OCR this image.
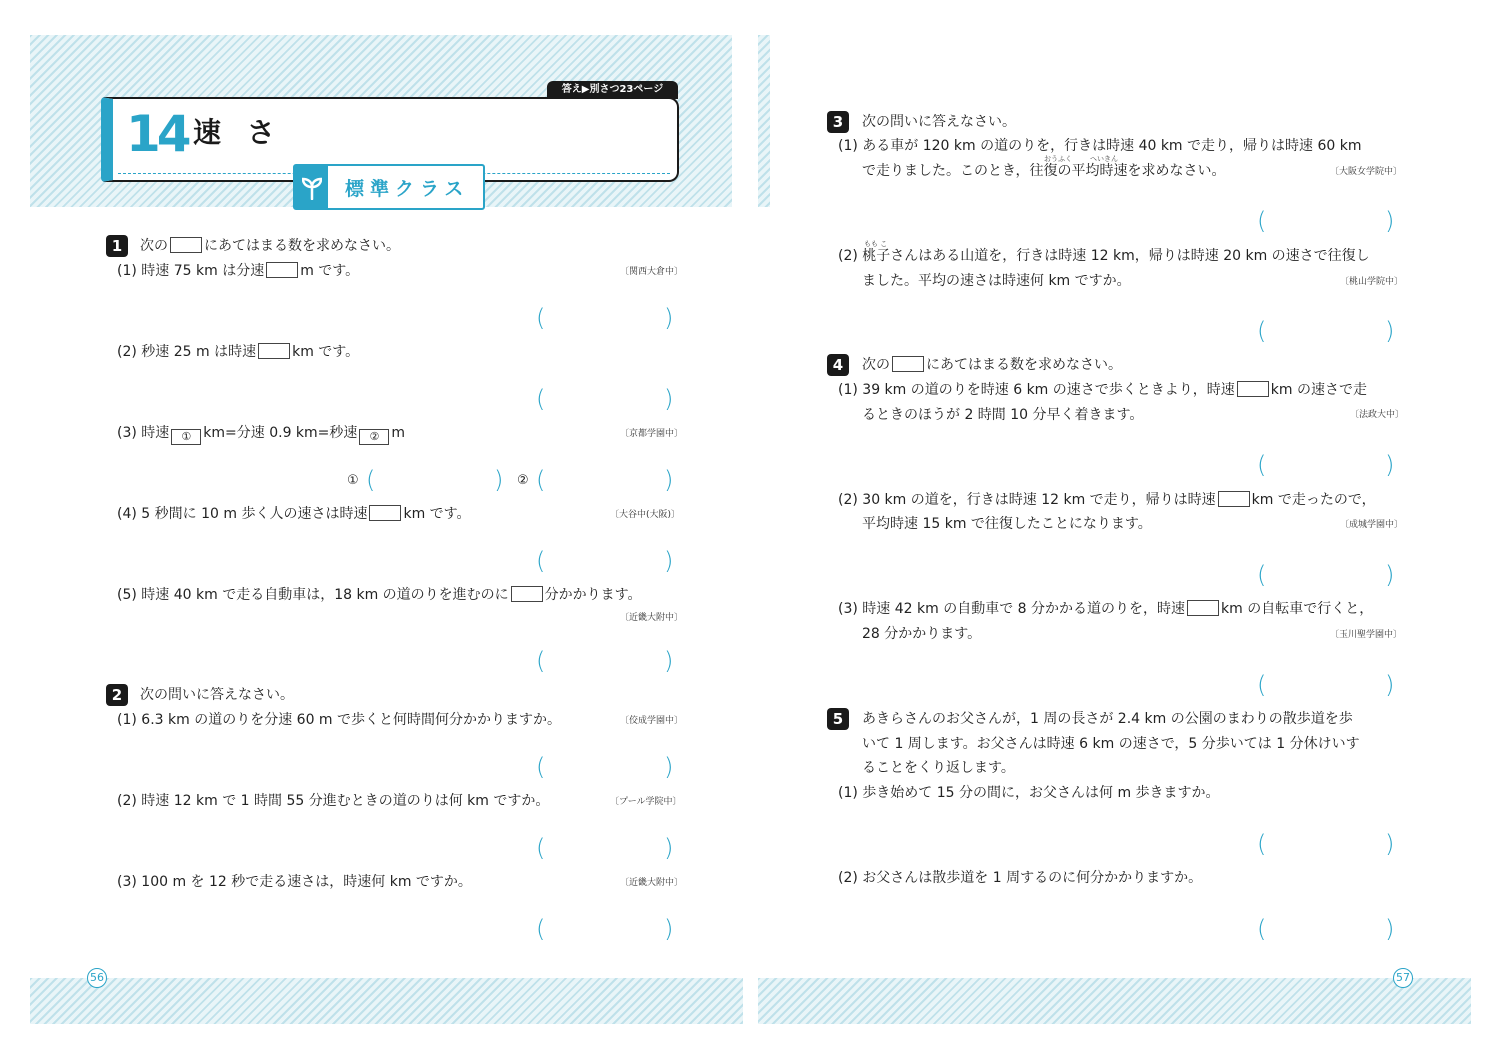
56	57
答え▶別さつ23ページ
14 速さ
標準クラス
1	次の	にあてはまる数を求めなさい。
(1) 時速 75 km は分速	m です。	〔関西大倉中〕
(	)
(2) 秒速 25 m は時速	km です。
(	)
(3) 時速 ① km=分速 0.9 km=秒速 ② m	〔京都学園中〕
① (	) ② (	)
(4) 5 秒間に 10 m 歩く人の速さは時速	km です。	〔大谷中(大阪)〕
(	)
(5) 時速 40 km で走る自動車は，18 km の道のりを進むのに	分かかります。
〔近畿大附中〕
(	)
2	次の問いに答えなさい。
(1) 6.3 km の道のりを分速 60 m で歩くと何時間何分かかりますか。	〔佼成学園中〕
(	)
(2) 時速 12 km で 1 時間 55 分進むときの道のりは何 km ですか。	〔プール学院中〕
(	)
(3) 100 m を 12 秒で走る速さは，時速何 km ですか。	〔近畿大附中〕
(	)
3	次の問いに答えなさい。
(1) ある車が 120 km の道のりを，行きは時速 40 km で走り，帰りは時速 60 km
おうふく	へいきん
で走りました。このとき，往復の平均時速を求めなさい。	〔大阪女学院中〕
(	)
もも こ
(2) 桃子さんはある山道を，行きは時速 12 km，帰りは時速 20 km の速さで往復し
ました。平均の速さは時速何 km ですか。	〔桃山学院中〕
(	)
4	次の	にあてはまる数を求めなさい。
(1) 39 km の道のりを時速 6 km の速さで歩くときより，時速	km の速さで走
るときのほうが 2 時間 10 分早く着きます。	〔法政大中〕
(	)
(2) 30 km の道を，行きは時速 12 km で走り，帰りは時速	km で走ったので，
平均時速 15 km で往復したことになります。	〔成城学園中〕
(	)
(3) 時速 42 km の自動車で 8 分かかる道のりを，時速	km の自転車で行くと，
28 分かかります。	〔玉川聖学園中〕
(	)
5	あきらさんのお父さんが，1 周の長さが 2.4 km の公園のまわりの散歩道を歩
いて 1 周します。お父さんは時速 6 km の速さで，5 分歩いては 1 分休けいす
ることをくり返します。
(1) 歩き始めて 15 分の間に，お父さんは何 m 歩きますか。
(	)
(2) お父さんは散歩道を 1 周するのに何分かかりますか。
(	)
